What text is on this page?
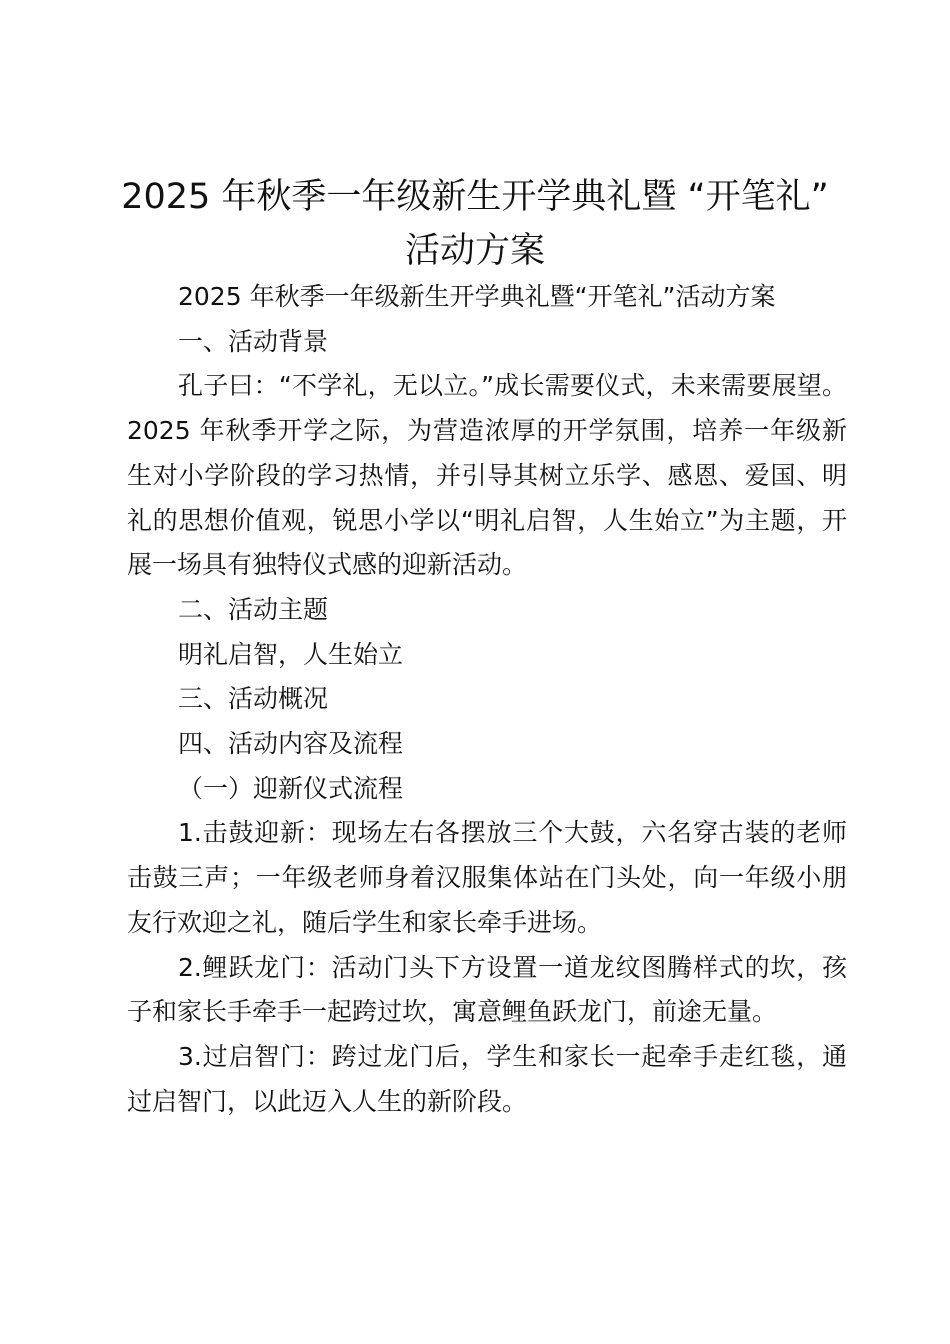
2025 年秋季一年级新生开学典礼暨 “开笔礼” 活动方案

2025 年秋季一年级新生开学典礼暨“开笔礼”活动方案

一、活动背景

孔子曰：“不学礼，无以立。”成长需要仪式，未来需要展望。2025 年秋季开学之际，为营造浓厚的开学氛围，培养一年级新生对小学阶段的学习热情，并引导其树立乐学、感恩、爱国、明礼的思想价值观，锐思小学以“明礼启智，人生始立”为主题，开展一场具有独特仪式感的迎新活动。

二、活动主题

明礼启智，人生始立

三、活动概况

四、活动内容及流程

（一）迎新仪式流程

1.击鼓迎新：现场左右各摆放三个大鼓，六名穿古装的老师击鼓三声；一年级老师身着汉服集体站在门头处，向一年级小朋友行欢迎之礼，随后学生和家长牵手进场。

2.鲤跃龙门：活动门头下方设置一道龙纹图腾样式的坎，孩子和家长手牵手一起跨过坎，寓意鲤鱼跃龙门，前途无量。

3.过启智门：跨过龙门后，学生和家长一起牵手走红毯，通过启智门，以此迈入人生的新阶段。
